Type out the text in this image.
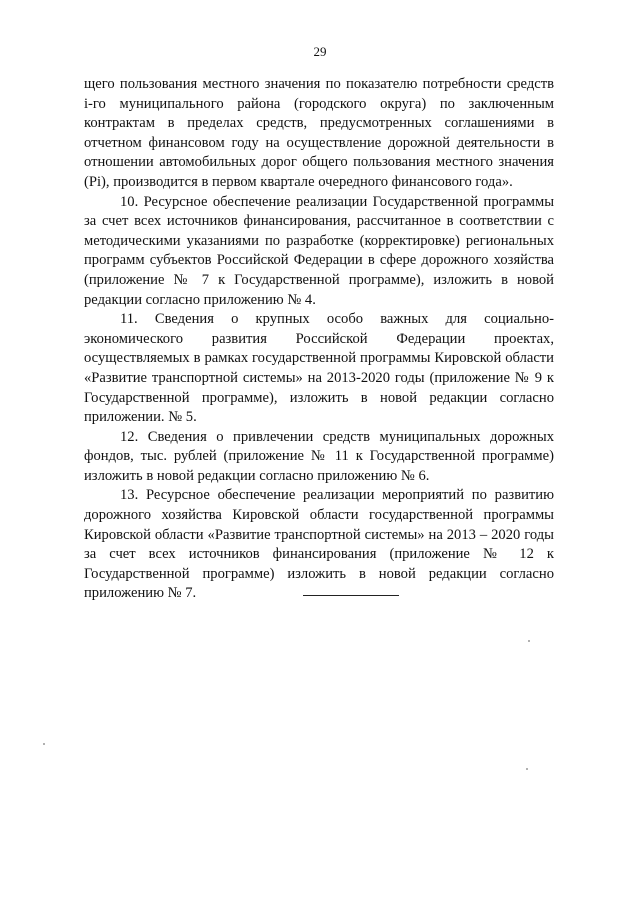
29

щего пользования местного значения по показателю потребности средств i-го муниципального района (городского округа) по заключенным контрактам в пределах средств, предусмотренных соглашениями в отчетном финансовом году на осуществление дорожной деятельности в отношении автомобильных дорог общего пользования местного значения (Pi), производится в первом квартале очередного финансового года».

10. Ресурсное обеспечение реализации Государственной программы за счет всех источников финансирования, рассчитанное в соответствии с методическими указаниями по разработке (корректировке) региональных программ субъектов Российской Федерации в сфере дорожного хозяйства (приложение № 7 к Государственной программе), изложить в новой редакции согласно приложению № 4.

11. Сведения о крупных особо важных для социально-экономического развития Российской Федерации проектах, осуществляемых в рамках государственной программы Кировской области «Развитие транспортной системы» на 2013-2020 годы (приложение № 9 к Государственной программе), изложить в новой редакции согласно приложении. № 5.

12. Сведения о привлечении средств муниципальных дорожных фондов, тыс. рублей (приложение № 11 к Государственной программе) изложить в новой редакции согласно приложению № 6.

13. Ресурсное обеспечение реализации мероприятий по развитию дорожного хозяйства Кировской области государственной программы Кировской области «Развитие транспортной системы» на 2013 – 2020 годы за счет всех источников финансирования (приложение № 12 к Государственной программе) изложить в новой редакции согласно приложению № 7.
